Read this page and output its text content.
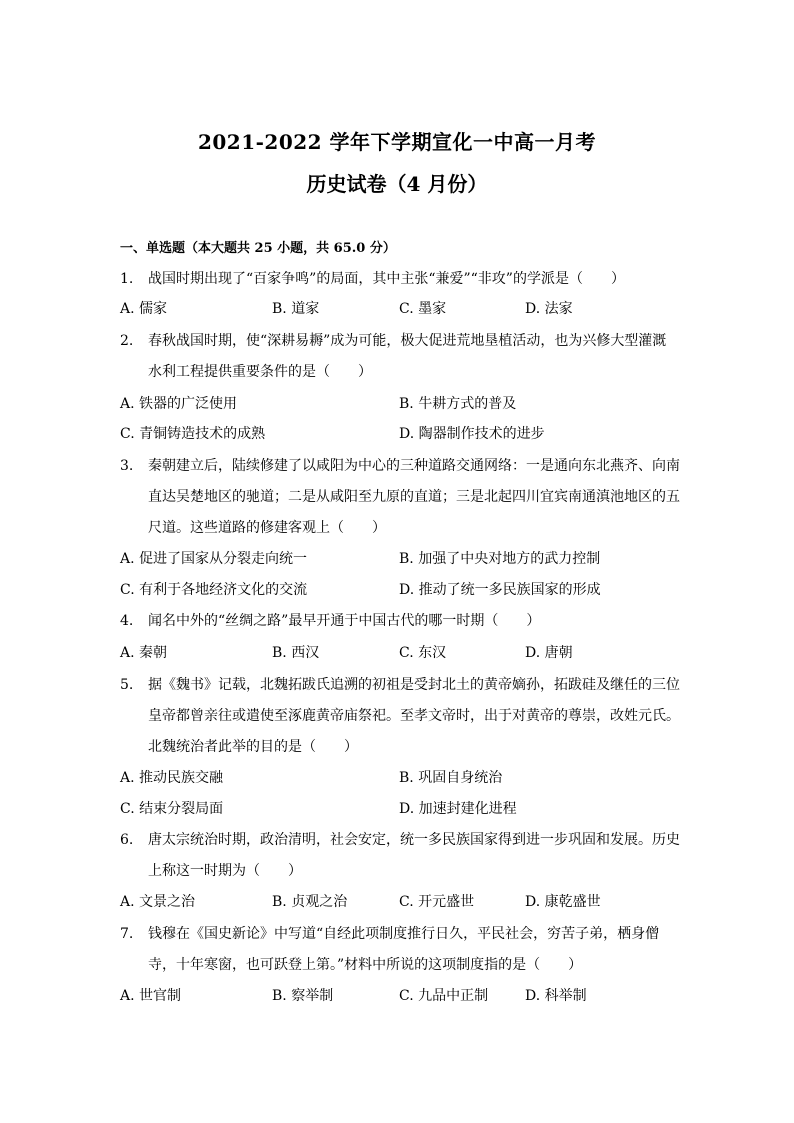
2021-2022 学年下学期宣化一中高一月考
历史试卷（4 月份）
一、单选题（本大题共 25 小题，共 65.0 分）
1. 战国时期出现了“百家争鸣”的局面，其中主张“兼爱”“非攻”的学派是（　　）
A. 儒家	B. 道家	C. 墨家	D. 法家
2. 春秋战国时期，使“深耕易耨”成为可能，极大促进荒地垦植活动，也为兴修大型灌溉水利工程提供重要条件的是（　　）
A. 铁器的广泛使用	B. 牛耕方式的普及
C. 青铜铸造技术的成熟	D. 陶器制作技术的进步
3. 秦朝建立后，陆续修建了以咸阳为中心的三种道路交通网络：一是通向东北燕齐、向南直达吴楚地区的驰道；二是从咸阳至九原的直道；三是北起四川宜宾南通滇池地区的五尺道。这些道路的修建客观上（　　）
A. 促进了国家从分裂走向统一	B. 加强了中央对地方的武力控制
C. 有利于各地经济文化的交流	D. 推动了统一多民族国家的形成
4. 闻名中外的“丝绸之路”最早开通于中国古代的哪一时期（　　）
A. 秦朝	B. 西汉	C. 东汉	D. 唐朝
5. 据《魏书》记载，北魏拓跋氏追溯的初祖是受封北土的黄帝嫡孙，拓跋硅及继任的三位皇帝都曾亲往或遣使至涿鹿黄帝庙祭祀。至孝文帝时，出于对黄帝的尊崇，改姓元氏。北魏统治者此举的目的是（　　）
A. 推动民族交融	B. 巩固自身统治
C. 结束分裂局面	D. 加速封建化进程
6. 唐太宗统治时期，政治清明，社会安定，统一多民族国家得到进一步巩固和发展。历史上称这一时期为（　　）
A. 文景之治	B. 贞观之治	C. 开元盛世	D. 康乾盛世
7. 钱穆在《国史新论》中写道“自经此项制度推行日久，平民社会，穷苦子弟，栖身僧寺，十年寒窗，也可跃登上第。”材料中所说的这项制度指的是（　　）
A. 世官制	B. 察举制	C. 九品中正制	D. 科举制
